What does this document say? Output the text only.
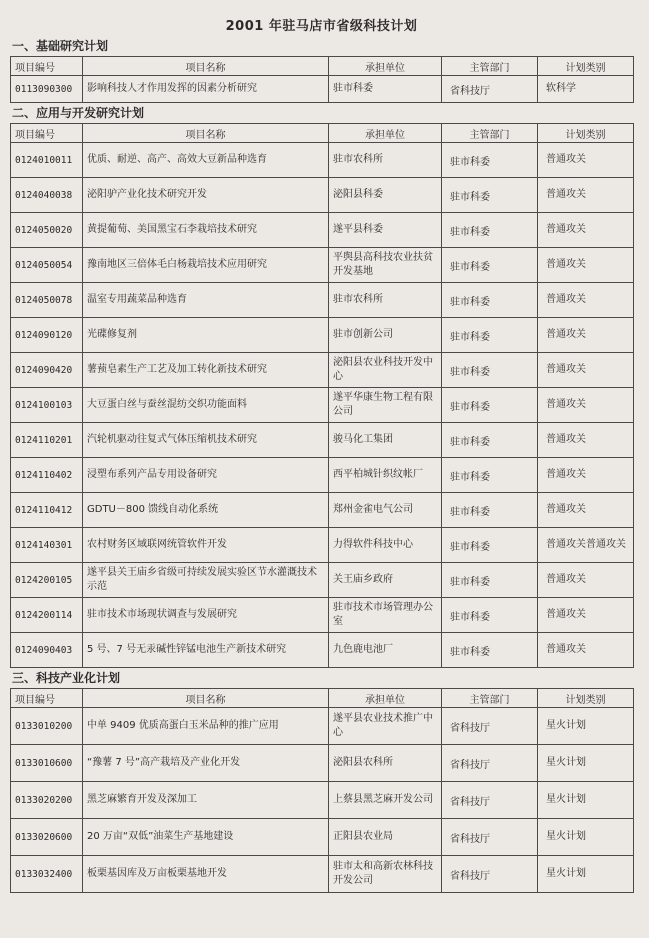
2001 年驻马店市省级科技计划
一、基础研究计划
项目编号	项目名称	承担单位	主管部门	计划类别
0113090300	影响科技人才作用发挥的因素分析研究	驻市科委	省科技厅	软科学
二、应用与开发研究计划
项目编号	项目名称	承担单位	主管部门	计划类别
0124010011	优质、耐逆、高产、高效大豆新品种选育	驻市农科所	驻市科委	普通攻关
0124040038	泌阳驴产业化技术研究开发	泌阳县科委	驻市科委	普通攻关
0124050020	黄提葡萄、美国黑宝石李栽培技术研究	遂平县科委	驻市科委	普通攻关
0124050054	豫南地区三倍体毛白杨栽培技术应用研究	平舆县高科技农业扶贫开发基地	驻市科委	普通攻关
0124050078	温室专用蔬菜品种选育	驻市农科所	驻市科委	普通攻关
0124090120	光碟修复剂	驻市创新公司	驻市科委	普通攻关
0124090420	薯蓣皂素生产工艺及加工转化新技术研究	泌阳县农业科技开发中心	驻市科委	普通攻关
0124100103	大豆蛋白丝与蚕丝混纺交织功能面料	遂平华康生物工程有限公司	驻市科委	普通攻关
0124110201	汽轮机驱动往复式气体压缩机技术研究	骏马化工集团	驻市科委	普通攻关
0124110402	浸塑布系列产品专用设备研究	西平柏城针织纹帐厂	驻市科委	普通攻关
0124110412	GDTU－800 馈线自动化系统	郑州金雀电气公司	驻市科委	普通攻关
0124140301	农村财务区域联网统管软件开发	力得软件科技中心	驻市科委	普通攻关普通攻关
0124200105	遂平县关王庙乡省级可持续发展实验区节水灌溉技术示范	关王庙乡政府	驻市科委	普通攻关
0124200114	驻市技术市场现状调查与发展研究	驻市技术市场管理办公室	驻市科委	普通攻关
0124090403	5 号、7 号无汞碱性锌锰电池生产新技术研究	九色鹿电池厂	驻市科委	普通攻关
三、科技产业化计划
项目编号	项目名称	承担单位	主管部门	计划类别
0133010200	中单 9409 优质高蛋白玉米品种的推广应用	遂平县农业技术推广中心	省科技厅	星火计划
0133010600	“豫薯 7 号”高产栽培及产业化开发	泌阳县农科所	省科技厅	星火计划
0133020200	黑芝麻繁育开发及深加工	上蔡县黑芝麻开发公司	省科技厅	星火计划
0133020600	20 万亩“双低”油菜生产基地建设	正阳县农业局	省科技厅	星火计划
0133032400	板栗基因库及万亩板栗基地开发	驻市太和高新农林科技开发公司	省科技厅	星火计划
